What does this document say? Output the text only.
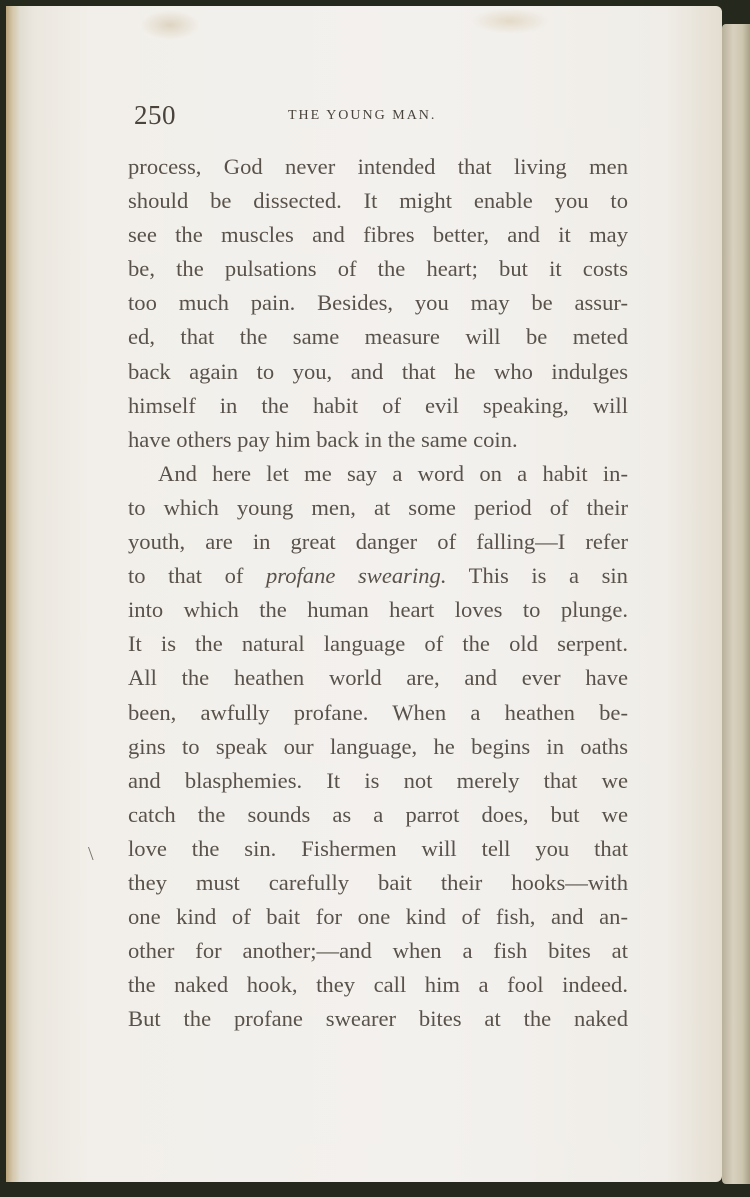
250	THE YOUNG MAN.
\
process, God never intended that living men
should be dissected. It might enable you to
see the muscles and fibres better, and it may
be, the pulsations of the heart; but it costs
too much pain. Besides, you may be assur-
ed, that the same measure will be meted
back again to you, and that he who indulges
himself in the habit of evil speaking, will
have others pay him back in the same coin.
And here let me say a word on a habit in-
to which young men, at some period of their
youth, are in great danger of falling—I refer
to that of profane swearing. This is a sin
into which the human heart loves to plunge.
It is the natural language of the old serpent.
All the heathen world are, and ever have
been, awfully profane. When a heathen be-
gins to speak our language, he begins in oaths
and blasphemies. It is not merely that we
catch the sounds as a parrot does, but we
love the sin. Fishermen will tell you that
they must carefully bait their hooks—with
one kind of bait for one kind of fish, and an-
other for another;—and when a fish bites at
the naked hook, they call him a fool indeed.
But the profane swearer bites at the naked
